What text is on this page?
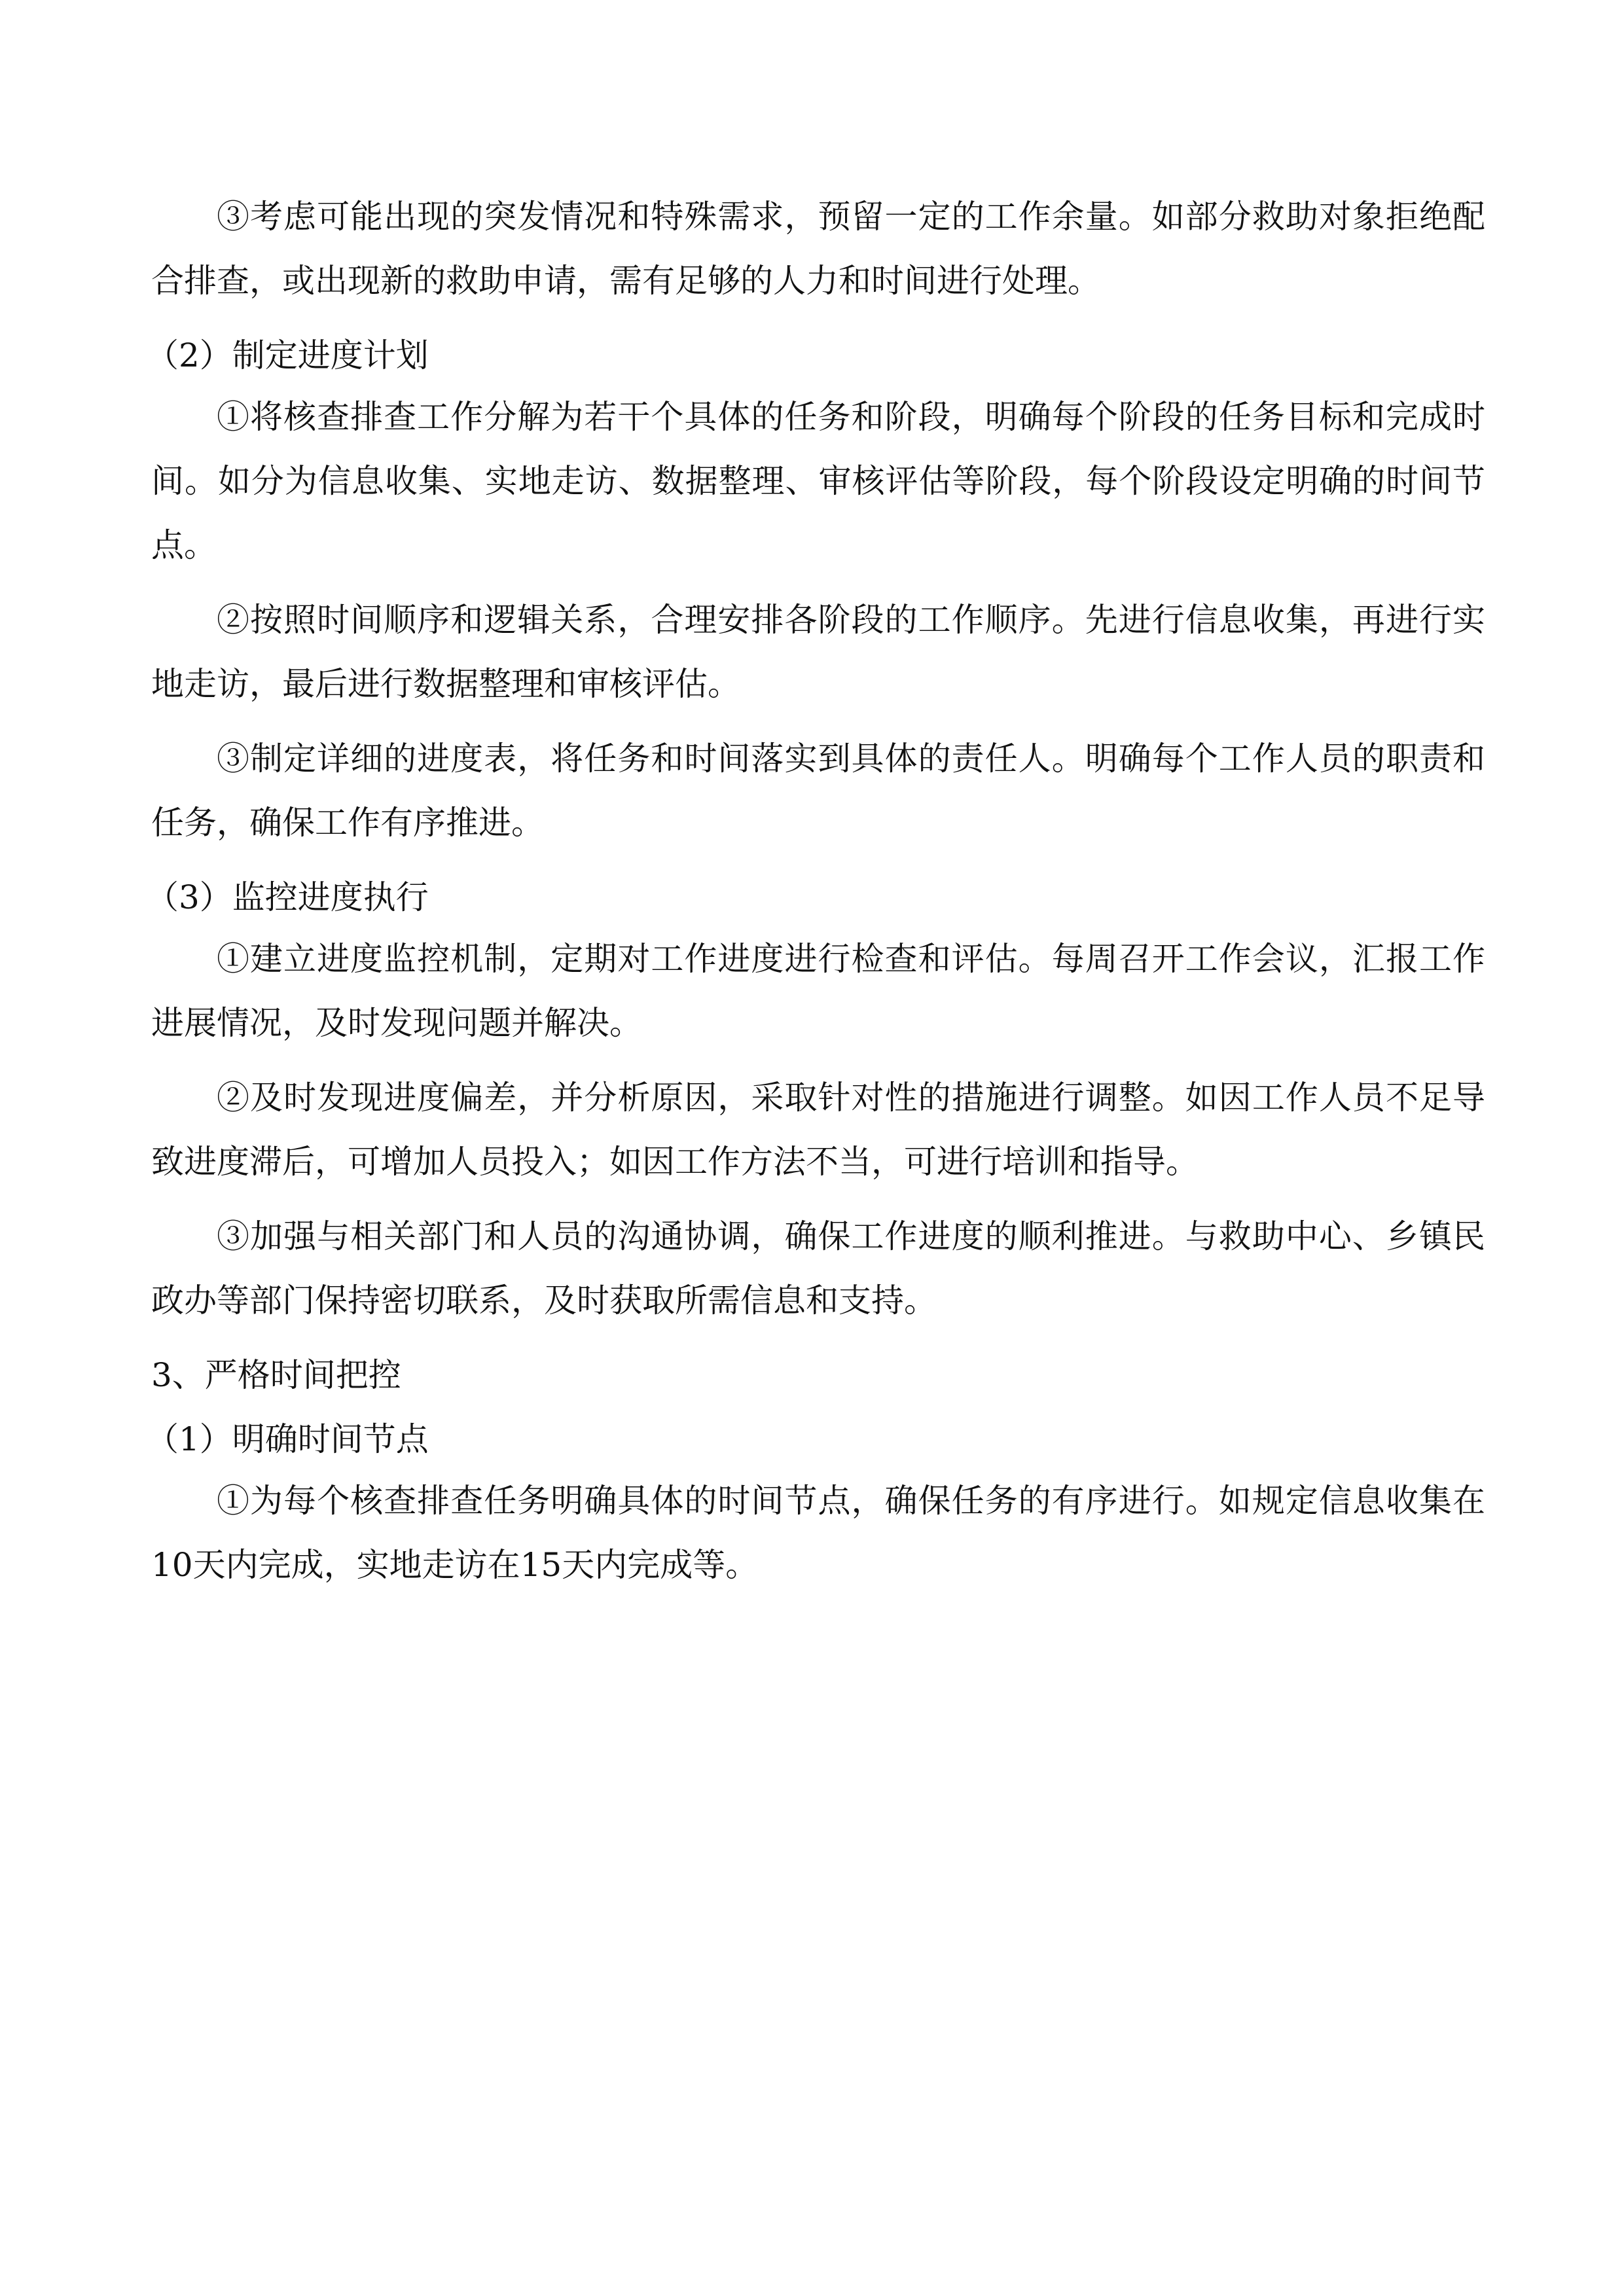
③考虑可能出现的突发情况和特殊需求，预留一定的工作余量。如部分救助对象拒绝配合排查，或出现新的救助申请，需有足够的人力和时间进行处理。

（2）制定进度计划

①将核查排查工作分解为若干个具体的任务和阶段，明确每个阶段的任务目标和完成时间。如分为信息收集、实地走访、数据整理、审核评估等阶段，每个阶段设定明确的时间节点。

②按照时间顺序和逻辑关系，合理安排各阶段的工作顺序。先进行信息收集，再进行实地走访，最后进行数据整理和审核评估。

③制定详细的进度表，将任务和时间落实到具体的责任人。明确每个工作人员的职责和任务，确保工作有序推进。

（3）监控进度执行

①建立进度监控机制，定期对工作进度进行检查和评估。每周召开工作会议，汇报工作进展情况，及时发现问题并解决。

②及时发现进度偏差，并分析原因，采取针对性的措施进行调整。如因工作人员不足导致进度滞后，可增加人员投入；如因工作方法不当，可进行培训和指导。

③加强与相关部门和人员的沟通协调，确保工作进度的顺利推进。与救助中心、乡镇民政办等部门保持密切联系，及时获取所需信息和支持。

3、严格时间把控

（1）明确时间节点

①为每个核查排查任务明确具体的时间节点，确保任务的有序进行。如规定信息收集在10天内完成，实地走访在15天内完成等。
